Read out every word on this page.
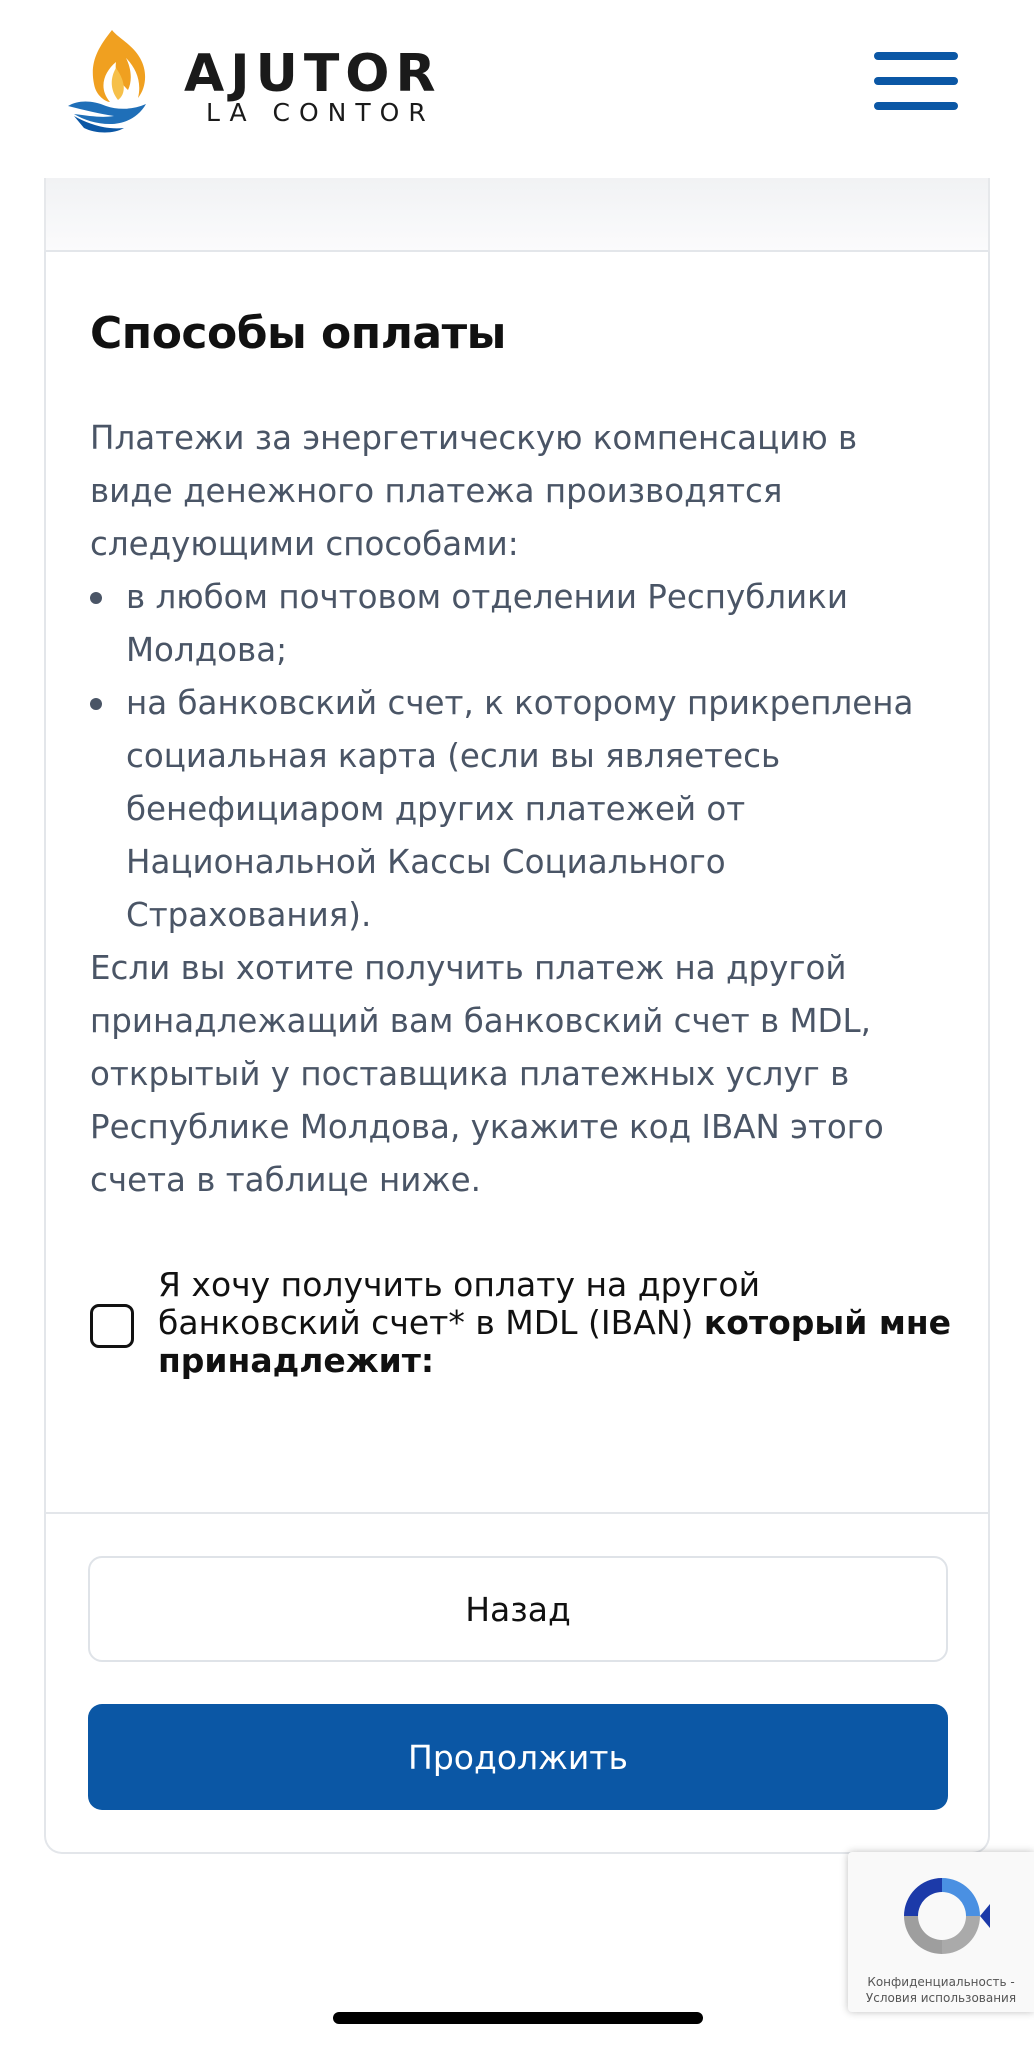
AJUTOR
LA CONTOR
Способы оплаты

Платежи за энергетическую компенсацию в виде денежного платежа производятся следующими способами:

в любом почтовом отделении Республики Молдова;
на банковский счет, к которому прикреплена социальная карта (если вы являетесь бенефициаром других платежей от Национальной Кассы Социального Страхования).

Если вы хотите получить платеж на другой принадлежащий вам банковский счет в MDL, открытый у поставщика платежных услуг в Республике Молдова, укажите код IBAN этого счета в таблице ниже.

Я хочу получить оплату на другой банковский счет* в MDL (IBAN) который мне принадлежит:
Назад
Продолжить
Конфиденциальность -
Условия использования
